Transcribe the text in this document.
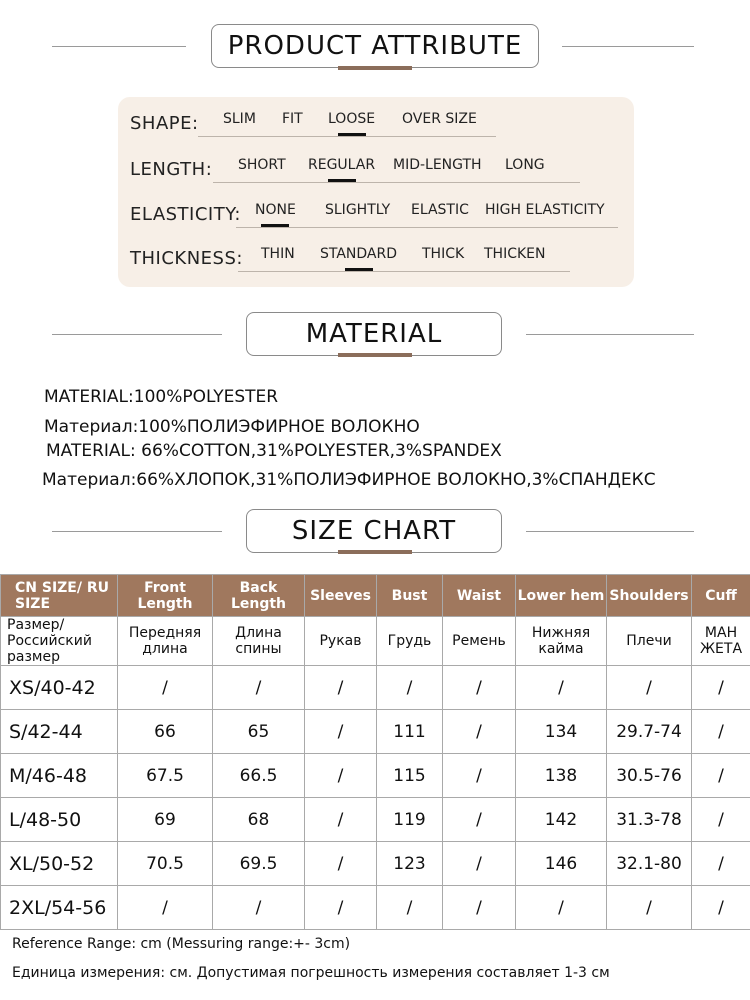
PRODUCT ATTRIBUTE
SHAPE: SLIM FIT LOOSE OVER SIZE
LENGTH: SHORT REGULAR MID-LENGTH LONG
ELASTICITY: NONE SLIGHTLY ELASTIC HIGH ELASTICITY
THICKNESS: THIN STANDARD THICK THICKEN
MATERIAL
MATERIAL:100%POLYESTER
Материал:100%ПОЛИЭФИРНОЕ ВОЛОКНО
MATERIAL: 66%COTTON,31%POLYESTER,3%SPANDEX
Материал:66%ХЛОПОК,31%ПОЛИЭФИРНОЕ ВОЛОКНО,3%СПАНДЕКС
SIZE CHART
CN SIZE/ RU SIZE	Front Length	Back Length	Sleeves	Bust	Waist	Lower hem	Shoulders	Cuff
Размер/ Российский размер	Передняя длина	Длина спины	Рукав	Грудь	Ремень	Нижняя кайма	Плечи	МАН ЖЕТА
XS/40-42	/	/	/	/	/	/	/	/
S/42-44	66	65	/	111	/	134	29.7-74	/
M/46-48	67.5	66.5	/	115	/	138	30.5-76	/
L/48-50	69	68	/	119	/	142	31.3-78	/
XL/50-52	70.5	69.5	/	123	/	146	32.1-80	/
2XL/54-56	/	/	/	/	/	/	/	/
Reference Range: cm (Messuring range:+- 3cm)
Единица измерения: см. Допустимая погрешность измерения составляет 1-3 см
